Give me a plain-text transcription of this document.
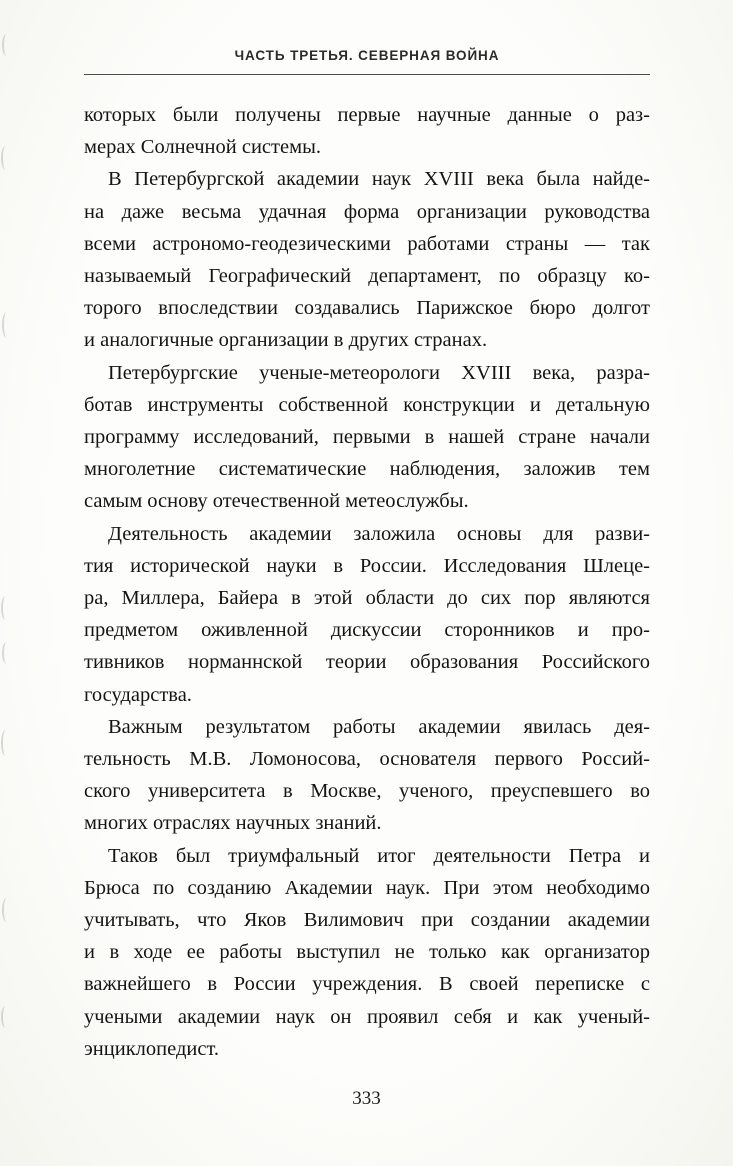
ЧАСТЬ ТРЕТЬЯ. СЕВЕРНАЯ ВОЙНА
которых были получены первые научные данные о раз-
мерах Солнечной системы.
В Петербургской академии наук XVIII века была найде-
на даже весьма удачная форма организации руководства
всеми астрономо-геодезическими работами страны — так
называемый Географический департамент, по образцу ко-
торого впоследствии создавались Парижское бюро долгот
и аналогичные организации в других странах.
Петербургские ученые-метеорологи XVIII века, разра-
ботав инструменты собственной конструкции и детальную
программу исследований, первыми в нашей стране начали
многолетние систематические наблюдения, заложив тем
самым основу отечественной метеослужбы.
Деятельность академии заложила основы для разви-
тия исторической науки в России. Исследования Шлеце-
ра, Миллера, Байера в этой области до сих пор являются
предметом оживленной дискуссии сторонников и про-
тивников норманнской теории образования Российского
государства.
Важным результатом работы академии явилась дея-
тельность М.В. Ломоносова, основателя первого Россий-
ского университета в Москве, ученого, преуспевшего во
многих отраслях научных знаний.
Таков был триумфальный итог деятельности Петра и
Брюса по созданию Академии наук. При этом необходимо
учитывать, что Яков Вилимович при создании академии
и в ходе ее работы выступил не только как организатор
важнейшего в России учреждения. В своей переписке с
учеными академии наук он проявил себя и как ученый-
энциклопедист.
333
